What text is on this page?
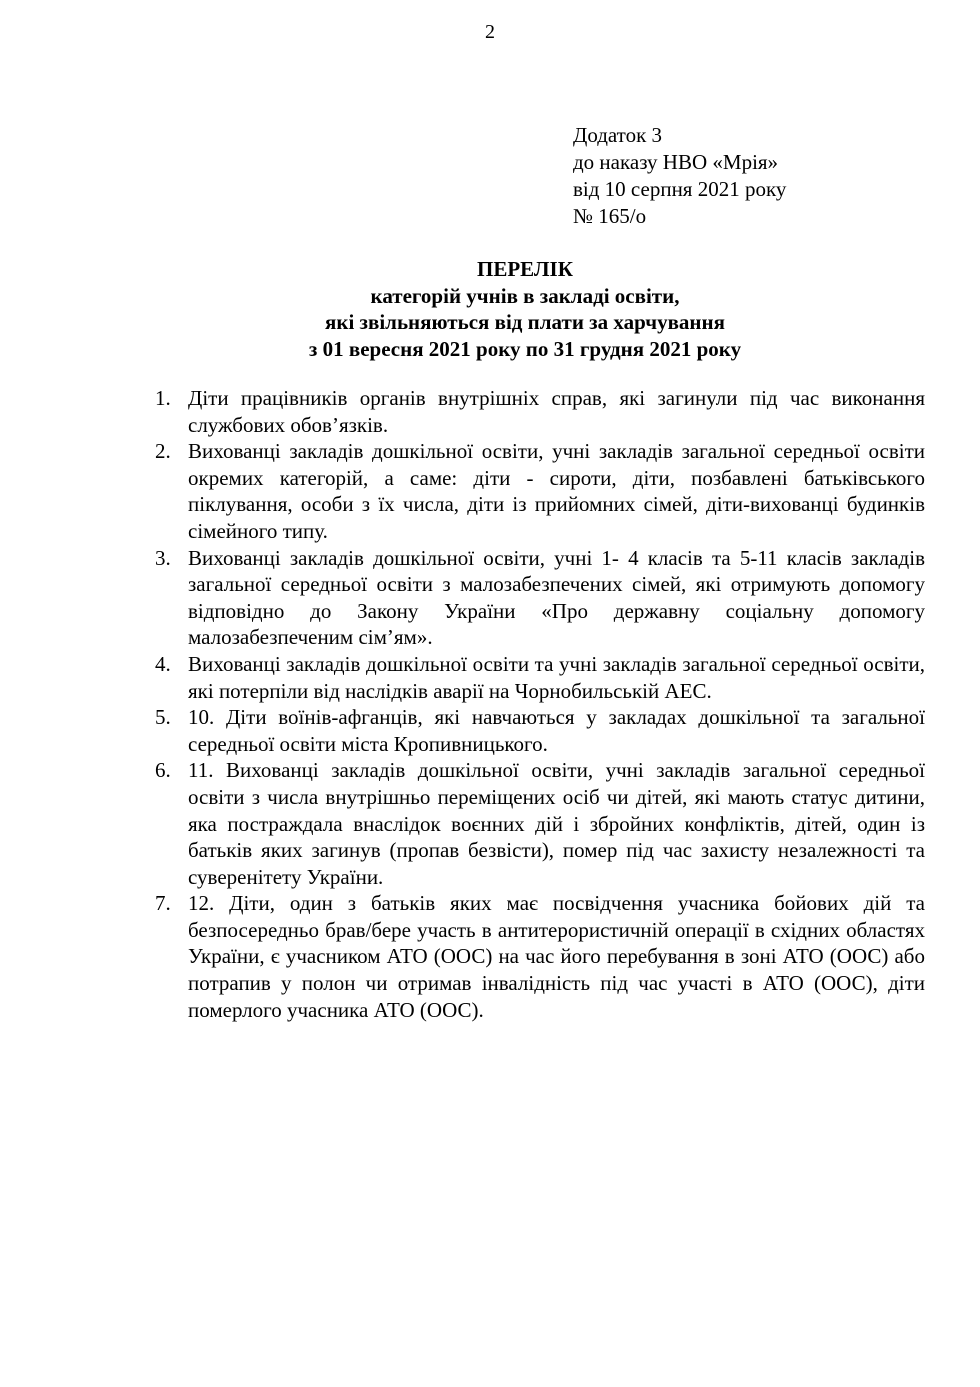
2
Додаток 3
до наказу НВО «Мрія»
від 10 серпня 2021 року
№ 165/о
ПЕРЕЛІК
категорій учнів в закладі освіти,
які звільняються від плати за харчування
з 01 вересня 2021 року по 31 грудня 2021 року
1. Діти працівників органів внутрішніх справ, які загинули під час виконання службових обов’язків.
2. Вихованці закладів дошкільної освіти, учні закладів загальної середньої освіти окремих категорій, а саме: діти - сироти, діти, позбавлені батьківського піклування, особи з їх числа, діти із прийомних сімей, діти-вихованці будинків сімейного типу.
3. Вихованці закладів дошкільної освіти, учні 1- 4 класів та 5-11 класів закладів загальної середньої освіти з малозабезпечених сімей, які отримують допомогу відповідно до Закону України «Про державну соціальну допомогу малозабезпеченим сім’ям».
4. Вихованці закладів дошкільної освіти та учні закладів загальної середньої освіти, які потерпіли від наслідків аварії на Чорнобильській АЕС.
5. 10. Діти воїнів-афганців, які навчаються у закладах дошкільної та загальної середньої освіти міста Кропивницького.
6. 11. Вихованці закладів дошкільної освіти, учні закладів загальної середньої освіти з числа внутрішньо переміщених осіб чи дітей, які мають статус дитини, яка постраждала внаслідок воєнних дій і збройних конфліктів, дітей, один із батьків яких загинув (пропав безвісти), помер під час захисту незалежності та суверенітету України.
7. 12. Діти, один з батьків яких має посвідчення учасника бойових дій та безпосередньо брав/бере участь в антитерористичній операції в східних областях України, є учасником АТО (ООС) на час його перебування в зоні АТО (ООС) або потрапив у полон чи отримав інвалідність під час участі в АТО (ООС), діти померлого учасника АТО (ООС).
